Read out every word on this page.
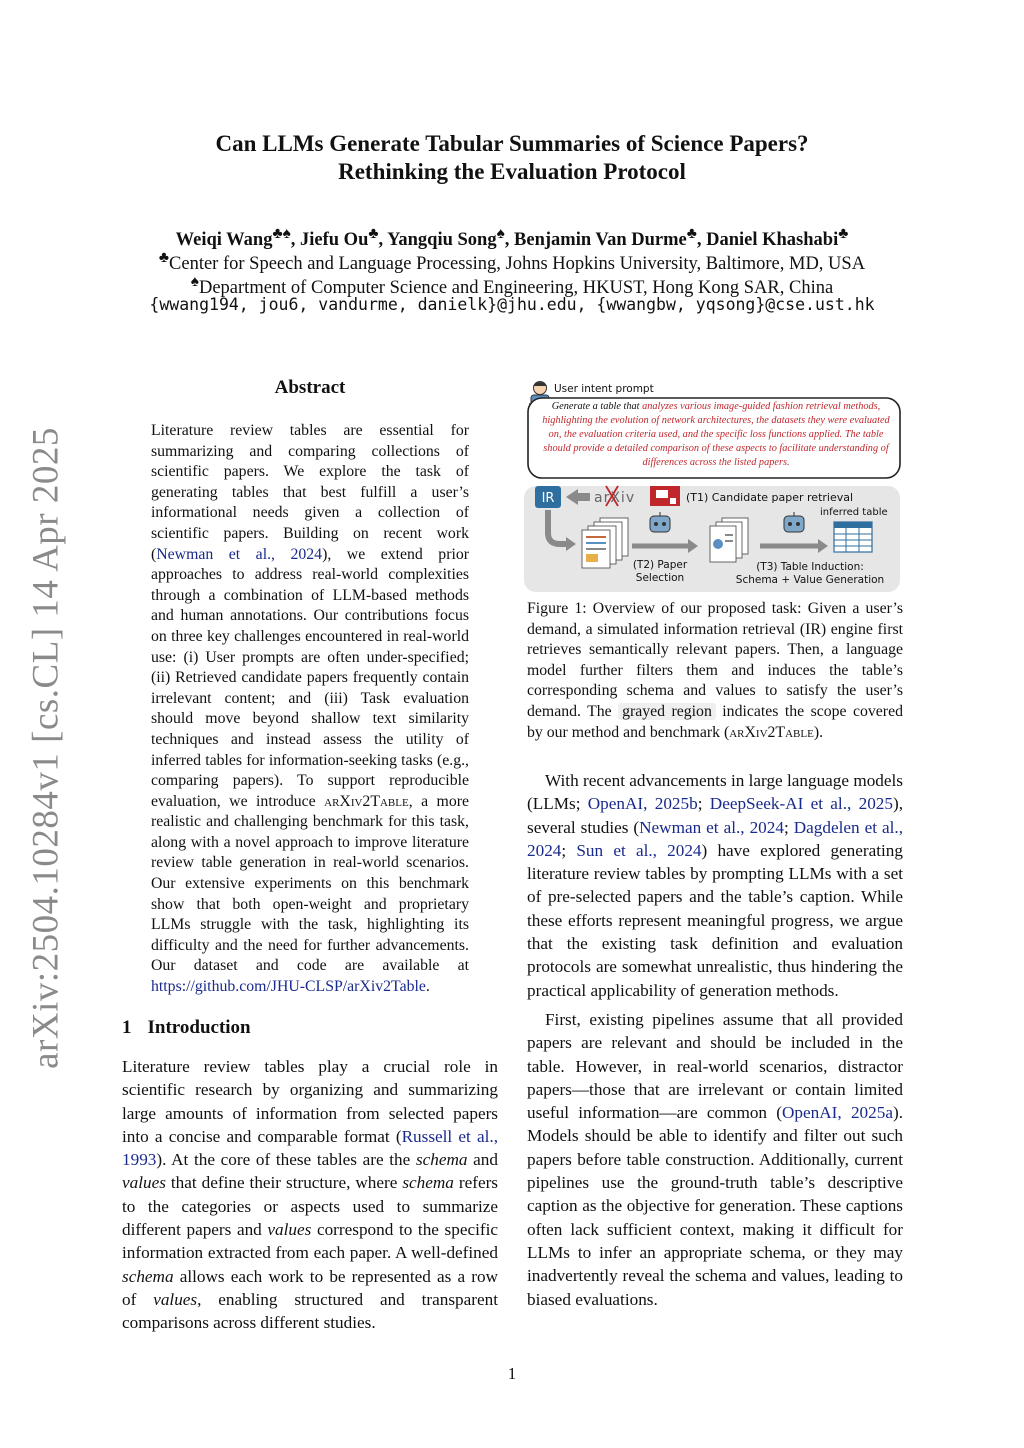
arXiv:2504.10284v1 [cs.CL] 14 Apr 2025
Can LLMs Generate Tabular Summaries of Science Papers?
Rethinking the Evaluation Protocol
Weiqi Wang♣♠, Jiefu Ou♣, Yangqiu Song♠, Benjamin Van Durme♣, Daniel Khashabi♣
♣Center for Speech and Language Processing, Johns Hopkins University, Baltimore, MD, USA
♠Department of Computer Science and Engineering, HKUST, Hong Kong SAR, China
{wwang194, jou6, vandurme, danielk}@jhu.edu, {wwangbw, yqsong}@cse.ust.hk
Abstract
Literature review tables are essential for summarizing and comparing collections of scientific papers. We explore the task of generating tables that best fulfill a user’s informational needs given a collection of scientific papers. Building on recent work (Newman et al., 2024), we extend prior approaches to address real-world complexities through a combination of LLM-based methods and human annotations. Our contributions focus on three key challenges encountered in real-world use: (i) User prompts are often under-specified; (ii) Retrieved candidate papers frequently contain irrelevant content; and (iii) Task evaluation should move beyond shallow text similarity techniques and instead assess the utility of inferred tables for information-seeking tasks (e.g., comparing papers). To support reproducible evaluation, we introduce arXiv2Table, a more realistic and challenging benchmark for this task, along with a novel approach to improve literature review table generation in real-world scenarios. Our extensive experiments on this benchmark show that both open-weight and proprietary LLMs struggle with the task, highlighting its difficulty and the need for further advancements. Our dataset and code are available at https://github.com/JHU-CLSP/arXiv2Table.
1 Introduction
Literature review tables play a crucial role in scientific research by organizing and summarizing large amounts of information from selected papers into a concise and comparable format (Russell et al., 1993). At the core of these tables are the schema and values that define their structure, where schema refers to the categories or aspects used to summarize different papers and values correspond to the specific information extracted from each paper. A well-defined schema allows each work to be represented as a row of values, enabling structured and transparent comparisons across different studies.
User intent prompt
IR	arXiv	(T1) Candidate paper retrieval
(T2) Paper
Selection
inferred table
(T3) Table Induction:
Schema + Value Generation
Generate a table that analyzes various image-guided fashion retrieval methods, highlighting the evolution of network architectures, the datasets they were evaluated on, the evaluation criteria used, and the specific loss functions applied. The table should provide a detailed comparison of these aspects to facilitate understanding of differences across the listed papers.
Figure 1: Overview of our proposed task: Given a user’s demand, a simulated information retrieval (IR) engine first retrieves semantically relevant papers. Then, a language model further filters them and induces the table’s corresponding schema and values to satisfy the user’s demand. The grayed region indicates the scope covered by our method and benchmark (arXiv2Table).

With recent advancements in large language models (LLMs; OpenAI, 2025b; DeepSeek-AI et al., 2025), several studies (Newman et al., 2024; Dagdelen et al., 2024; Sun et al., 2024) have explored generating literature review tables by prompting LLMs with a set of pre-selected papers and the table’s caption. While these efforts represent meaningful progress, we argue that the existing task definition and evaluation protocols are somewhat unrealistic, thus hindering the practical applicability of generation methods.

First, existing pipelines assume that all provided papers are relevant and should be included in the table. However, in real-world scenarios, distractor papers—those that are irrelevant or contain limited useful information—are common (OpenAI, 2025a). Models should be able to identify and filter out such papers before table construction. Additionally, current pipelines use the ground-truth table’s descriptive caption as the objective for generation. These captions often lack sufficient context, making it difficult for LLMs to infer an appropriate schema, or they may inadvertently reveal the schema and values, leading to biased evaluations.

1
